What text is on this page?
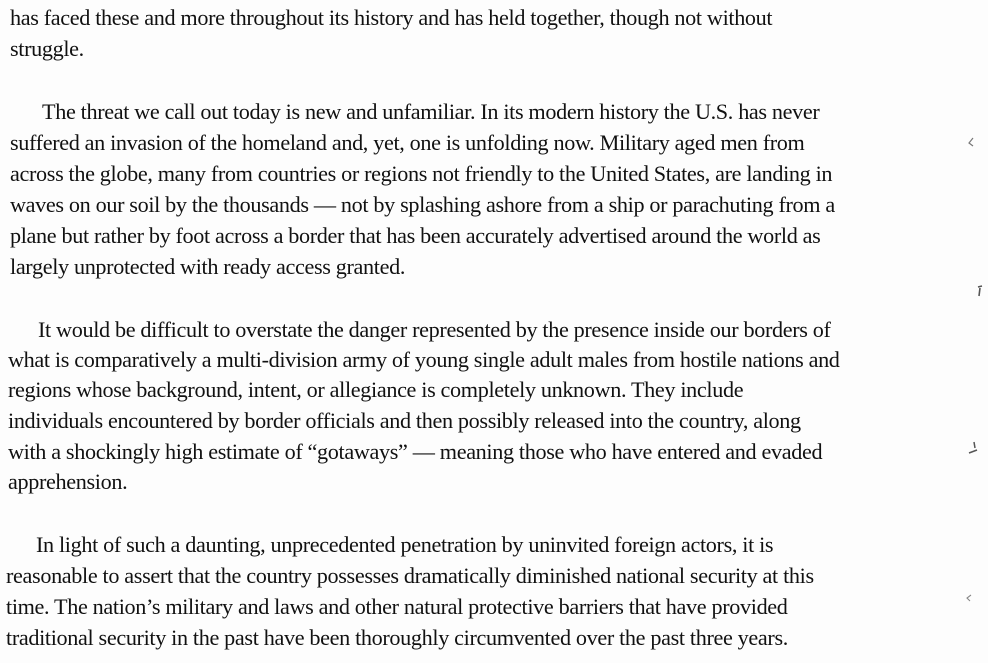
has faced these and more throughout its history and has held together, though not without
struggle.
The threat we call out today is new and unfamiliar. In its modern history the U.S. has never
suffered an invasion of the homeland and, yet, one is unfolding now. Military aged men from
across the globe, many from countries or regions not friendly to the United States, are landing in
waves on our soil by the thousands — not by splashing ashore from a ship or parachuting from a
plane but rather by foot across a border that has been accurately advertised around the world as
largely unprotected with ready access granted.
It would be difficult to overstate the danger represented by the presence inside our borders of
what is comparatively a multi-division army of young single adult males from hostile nations and
regions whose background, intent, or allegiance is completely unknown. They include
individuals encountered by border officials and then possibly released into the country, along
with a shockingly high estimate of “gotaways” — meaning those who have entered and evaded
apprehension.
In light of such a daunting, unprecedented penetration by uninvited foreign actors, it is
reasonable to assert that the country possesses dramatically diminished national security at this
time. The nation’s military and laws and other natural protective barriers that have provided
traditional security in the past have been thoroughly circumvented over the past three years.
